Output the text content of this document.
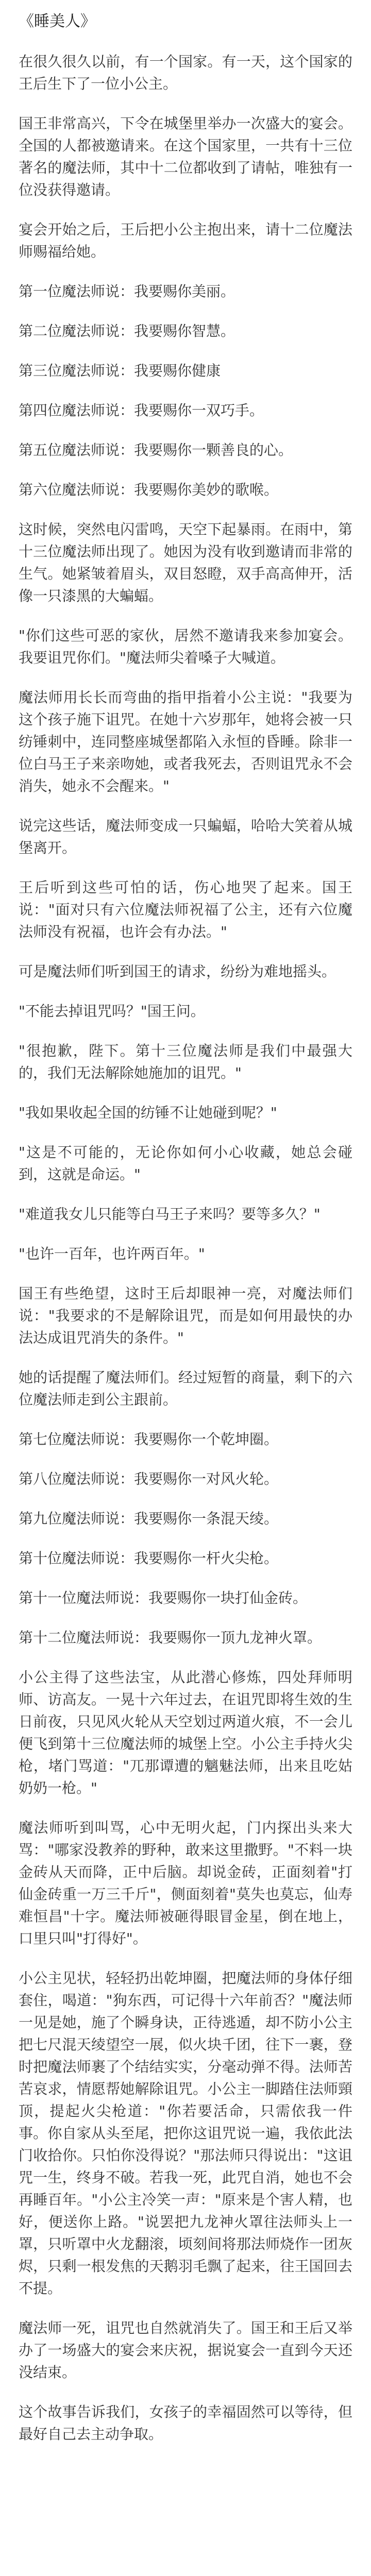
《睡美人》

在很久很久以前，有一个国家。有一天，这个国家的王后生下了一位小公主。

国王非常高兴，下令在城堡里举办一次盛大的宴会。全国的人都被邀请来。在这个国家里，一共有十三位著名的魔法师，其中十二位都收到了请帖，唯独有一位没获得邀请。

宴会开始之后，王后把小公主抱出来，请十二位魔法师赐福给她。

第一位魔法师说：我要赐你美丽。

第二位魔法师说：我要赐你智慧。

第三位魔法师说：我要赐你健康

第四位魔法师说：我要赐你一双巧手。

第五位魔法师说：我要赐你一颗善良的心。

第六位魔法师说：我要赐你美妙的歌喉。

这时候，突然电闪雷鸣，天空下起暴雨。在雨中，第十三位魔法师出现了。她因为没有收到邀请而非常的生气。她紧皱着眉头，双目怒瞪，双手高高伸开，活像一只漆黑的大蝙蝠。

"你们这些可恶的家伙，居然不邀请我来参加宴会。我要诅咒你们。"魔法师尖着嗓子大喊道。

魔法师用长长而弯曲的指甲指着小公主说："我要为这个孩子施下诅咒。在她十六岁那年，她将会被一只纺锤刺中，连同整座城堡都陷入永恒的昏睡。除非一位白马王子来亲吻她，或者我死去，否则诅咒永不会消失，她永不会醒来。"

说完这些话，魔法师变成一只蝙蝠，哈哈大笑着从城堡离开。

王后听到这些可怕的话，伤心地哭了起来。国王说："面对只有六位魔法师祝福了公主，还有六位魔法师没有祝福，也许会有办法。"

可是魔法师们听到国王的请求，纷纷为难地摇头。

"不能去掉诅咒吗？"国王问。

"很抱歉，陛下。第十三位魔法师是我们中最强大的，我们无法解除她施加的诅咒。"

"我如果收起全国的纺锤不让她碰到呢？"

"这是不可能的，无论你如何小心收藏，她总会碰到，这就是命运。"

"难道我女儿只能等白马王子来吗？要等多久？"

"也许一百年，也许两百年。"

国王有些绝望，这时王后却眼神一亮，对魔法师们说："我要求的不是解除诅咒，而是如何用最快的办法达成诅咒消失的条件。"

她的话提醒了魔法师们。经过短暂的商量，剩下的六位魔法师走到公主跟前。

第七位魔法师说：我要赐你一个乾坤圈。

第八位魔法师说：我要赐你一对风火轮。

第九位魔法师说：我要赐你一条混天绫。

第十位魔法师说：我要赐你一杆火尖枪。

第十一位魔法师说：我要赐你一块打仙金砖。

第十二位魔法师说：我要赐你一顶九龙神火罩。

小公主得了这些法宝，从此潜心修炼，四处拜师明师、访高友。一晃十六年过去，在诅咒即将生效的生日前夜，只见风火轮从天空划过两道火痕，不一会儿便飞到第十三位魔法师的城堡上空。小公主手持火尖枪，堵门骂道："兀那谭遭的魑魅法师，出来且吃姑奶奶一枪。"

魔法师听到叫骂，心中无明火起，门内探出头来大骂："哪家没教养的野种，敢来这里撒野。"不料一块金砖从天而降，正中后脑。却说金砖，正面刻着"打仙金砖重一万三千斤"，侧面刻着"莫失也莫忘，仙寿难恒昌"十字。魔法师被砸得眼冒金星，倒在地上，口里只叫"打得好"。

小公主见状，轻轻扔出乾坤圈，把魔法师的身体仔细套住，喝道："狗东西，可记得十六年前否？"魔法师一见是她，施了个瞬身诀，正待逃遁，却不防小公主把七尺混天绫望空一展，似火块千团，往下一裹，登时把魔法师裹了个结结实实，分毫动弹不得。法师苦苦哀求，情愿帮她解除诅咒。小公主一脚踏住法师頸顶，提起火尖枪道："你若要活命，只需依我一件事。你自家从头至尾，把你这诅咒说一遍，我依此法门收拾你。只怕你没得说？"那法师只得说出："这诅咒一生，终身不破。若我一死，此咒自消，她也不会再睡百年。"小公主冷笑一声："原来是个害人精，也好，便送你上路。"说罢把九龙神火罩往法师头上一罩，只听罩中火龙翻滚，顷刻间将那法师烧作一团灰烬，只剩一根发焦的天鹅羽毛飘了起来，往王国回去不提。

魔法师一死，诅咒也自然就消失了。国王和王后又举办了一场盛大的宴会来庆祝，据说宴会一直到今天还没结束。

这个故事告诉我们，女孩子的幸福固然可以等待，但最好自己去主动争取。
